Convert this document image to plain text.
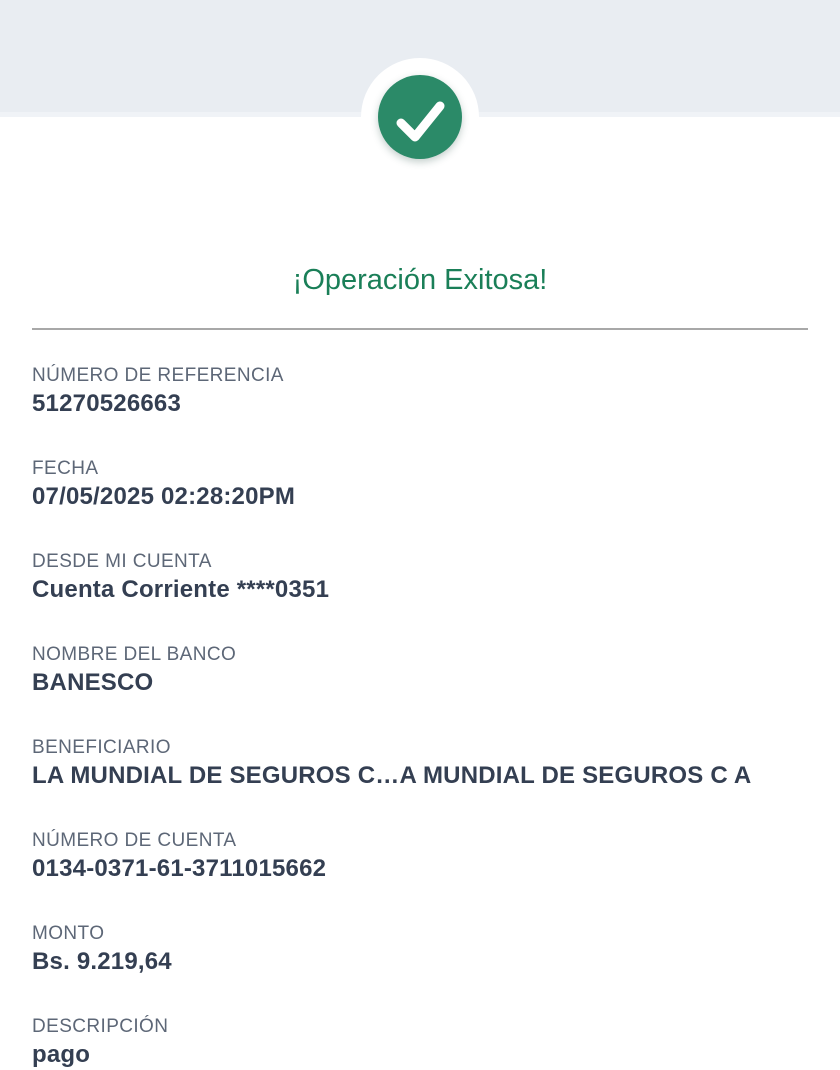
¡Operación Exitosa!
NÚMERO DE REFERENCIA
51270526663
FECHA
07/05/2025 02:28:20PM
DESDE MI CUENTA
Cuenta Corriente ****0351
NOMBRE DEL BANCO
BANESCO
BENEFICIARIO
LA MUNDIAL DE SEGUROS C…A MUNDIAL DE SEGUROS C A
NÚMERO DE CUENTA
0134-0371-61-3711015662
MONTO
Bs. 9.219,64
DESCRIPCIÓN
pago
